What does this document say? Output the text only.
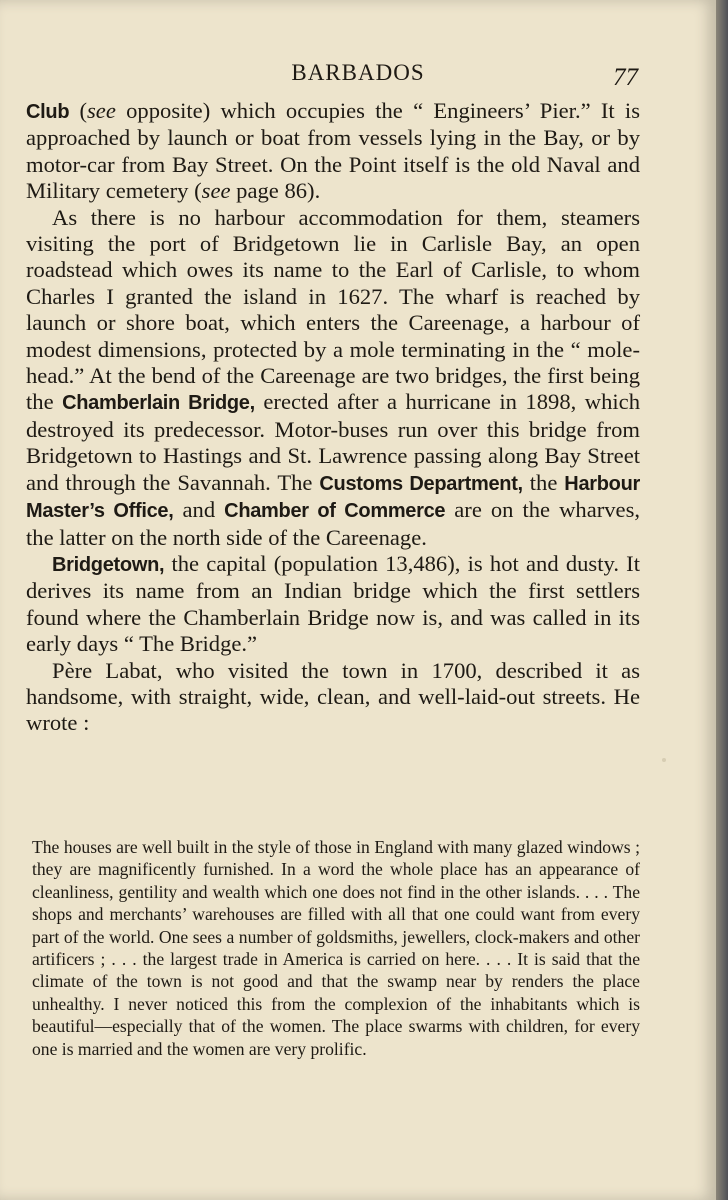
BARBADOS	77

Club (see opposite) which occupies the “ Engineers’ Pier.” It is approached by launch or boat from vessels lying in the Bay, or by motor-car from Bay Street. On the Point itself is the old Naval and Military cemetery (see page 86).

As there is no harbour accommodation for them, steamers visiting the port of Bridgetown lie in Carlisle Bay, an open roadstead which owes its name to the Earl of Carlisle, to whom Charles I granted the island in 1627. The wharf is reached by launch or shore boat, which enters the Careenage, a harbour of modest dimensions, protected by a mole terminating in the “ mole-head.” At the bend of the Careenage are two bridges, the first being the Chamberlain Bridge, erected after a hurricane in 1898, which destroyed its predecessor. Motor-buses run over this bridge from Bridgetown to Hastings and St. Lawrence passing along Bay Street and through the Savannah. The Customs Department, the Harbour Master’s Office, and Chamber of Commerce are on the wharves, the latter on the north side of the Careenage.

Bridgetown, the capital (population 13,486), is hot and dusty. It derives its name from an Indian bridge which the first settlers found where the Chamberlain Bridge now is, and was called in its early days “ The Bridge.”

Père Labat, who visited the town in 1700, described it as handsome, with straight, wide, clean, and well-laid-out streets. He wrote :

The houses are well built in the style of those in England with many glazed windows ; they are magnificently furnished. In a word the whole place has an appearance of cleanliness, gentility and wealth which one does not find in the other islands. . . . The shops and merchants’ warehouses are filled with all that one could want from every part of the world. One sees a number of goldsmiths, jewellers, clock-makers and other artificers ; . . . the largest trade in America is carried on here. . . . It is said that the climate of the town is not good and that the swamp near by renders the place unhealthy. I never noticed this from the complexion of the inhabitants which is beautiful—especially that of the women. The place swarms with children, for every one is married and the women are very prolific.
